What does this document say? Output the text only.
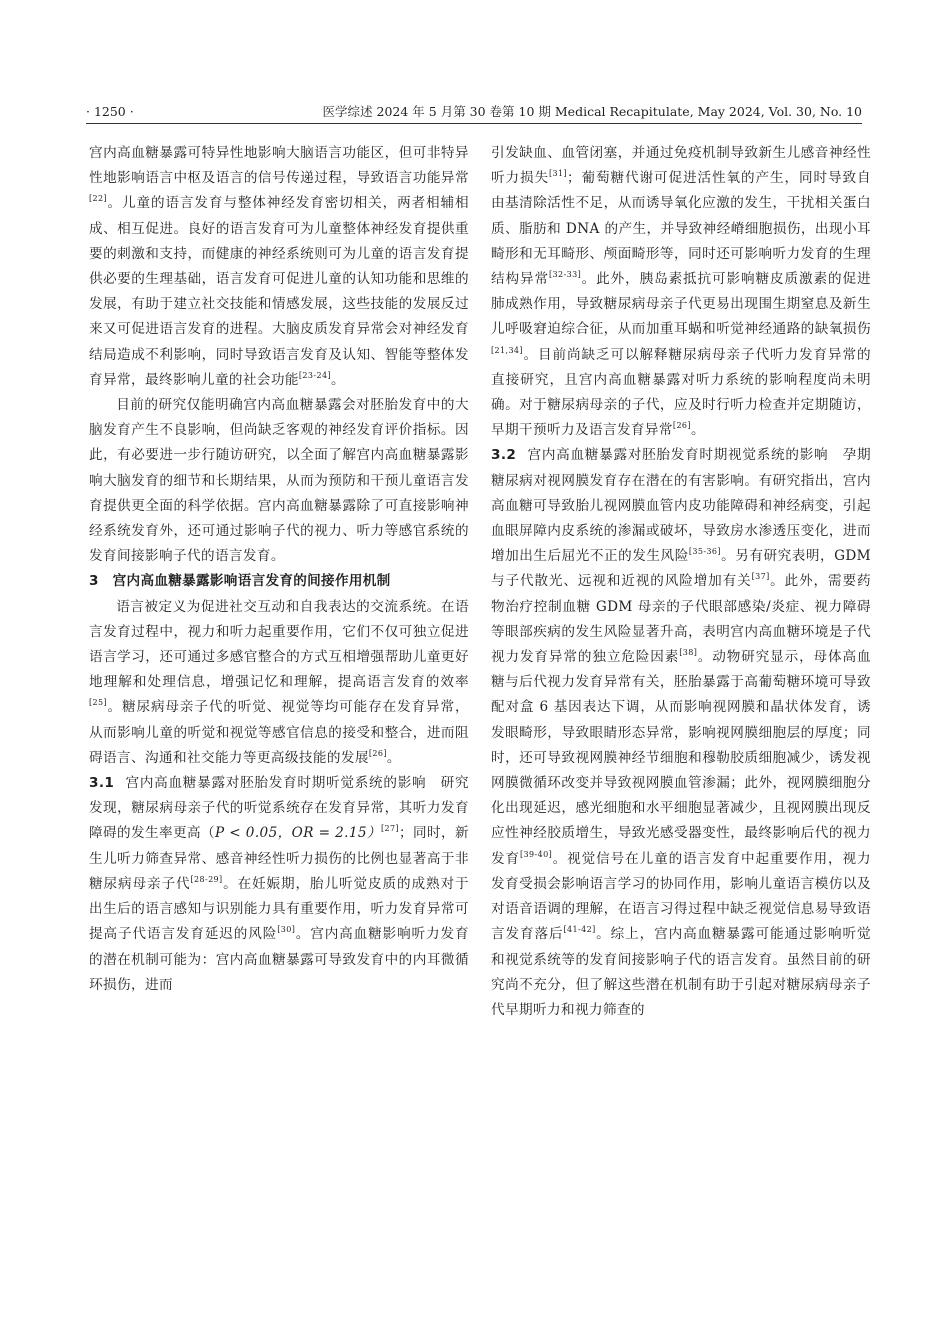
· 1250 ·	医学综述 2024 年 5 月第 30 卷第 10 期 Medical Recapitulate, May 2024, Vol. 30, No. 10

宫内高血糖暴露可特异性地影响大脑语言功能区，但可非特异性地影响语言中枢及语言的信号传递过程，导致语言功能异常[22]。儿童的语言发育与整体神经发育密切相关，两者相辅相成、相互促进。良好的语言发育可为儿童整体神经发育提供重要的刺激和支持，而健康的神经系统则可为儿童的语言发育提供必要的生理基础，语言发育可促进儿童的认知功能和思维的发展，有助于建立社交技能和情感发展，这些技能的发展反过来又可促进语言发育的进程。大脑皮质发育异常会对神经发育结局造成不利影响，同时导致语言发育及认知、智能等整体发育异常，最终影响儿童的社会功能[23-24]。

目前的研究仅能明确宫内高血糖暴露会对胚胎发育中的大脑发育产生不良影响，但尚缺乏客观的神经发育评价指标。因此，有必要进一步行随访研究，以全面了解宫内高血糖暴露影响大脑发育的细节和长期结果，从而为预防和干预儿童语言发育提供更全面的科学依据。宫内高血糖暴露除了可直接影响神经系统发育外，还可通过影响子代的视力、听力等感官系统的发育间接影响子代的语言发育。

3　宫内高血糖暴露影响语言发育的间接作用机制

语言被定义为促进社交互动和自我表达的交流系统。在语言发育过程中，视力和听力起重要作用，它们不仅可独立促进语言学习，还可通过多感官整合的方式互相增强帮助儿童更好地理解和处理信息，增强记忆和理解，提高语言发育的效率[25]。糖尿病母亲子代的听觉、视觉等均可能存在发育异常，从而影响儿童的听觉和视觉等感官信息的接受和整合，进而阻碍语言、沟通和社交能力等更高级技能的发展[26]。

3.1 宫内高血糖暴露对胚胎发育时期听觉系统的影响　研究发现，糖尿病母亲子代的听觉系统存在发育异常，其听力发育障碍的发生率更高（P < 0.05，OR = 2.15）[27]；同时，新生儿听力筛查异常、感音神经性听力损伤的比例也显著高于非糖尿病母亲子代[28-29]。在妊娠期，胎儿听觉皮质的成熟对于出生后的语言感知与识别能力具有重要作用，听力发育异常可提高子代语言发育延迟的风险[30]。宫内高血糖影响听力发育的潜在机制可能为：宫内高血糖暴露可导致发育中的内耳微循环损伤，进而

引发缺血、血管闭塞，并通过免疫机制导致新生儿感音神经性听力损失[31]；葡萄糖代谢可促进活性氧的产生，同时导致自由基清除活性不足，从而诱导氧化应激的发生，干扰相关蛋白质、脂肪和 DNA 的产生，并导致神经嵴细胞损伤，出现小耳畸形和无耳畸形、颅面畸形等，同时还可影响听力发育的生理结构异常[32-33]。此外，胰岛素抵抗可影响糖皮质激素的促进肺成熟作用，导致糖尿病母亲子代更易出现围生期窒息及新生儿呼吸窘迫综合征，从而加重耳蜗和听觉神经通路的缺氧损伤[21,34]。目前尚缺乏可以解释糖尿病母亲子代听力发育异常的直接研究，且宫内高血糖暴露对听力系统的影响程度尚未明确。对于糖尿病母亲的子代，应及时行听力检查并定期随访，早期干预听力及语言发育异常[26]。

3.2 宫内高血糖暴露对胚胎发育时期视觉系统的影响　孕期糖尿病对视网膜发育存在潜在的有害影响。有研究指出，宫内高血糖可导致胎儿视网膜血管内皮功能障碍和神经病变，引起血眼屏障内皮系统的渗漏或破坏，导致房水渗透压变化，进而增加出生后屈光不正的发生风险[35-36]。另有研究表明，GDM 与子代散光、远视和近视的风险增加有关[37]。此外，需要药物治疗控制血糖 GDM 母亲的子代眼部感染/炎症、视力障碍等眼部疾病的发生风险显著升高，表明宫内高血糖环境是子代视力发育异常的独立危险因素[38]。动物研究显示，母体高血糖与后代视力发育异常有关，胚胎暴露于高葡萄糖环境可导致配对盒 6 基因表达下调，从而影响视网膜和晶状体发育，诱发眼畸形，导致眼睛形态异常，影响视网膜细胞层的厚度；同时，还可导致视网膜神经节细胞和穆勒胶质细胞减少，诱发视网膜微循环改变并导致视网膜血管渗漏；此外，视网膜细胞分化出现延迟，感光细胞和水平细胞显著减少，且视网膜出现反应性神经胶质增生，导致光感受器变性，最终影响后代的视力发育[39-40]。视觉信号在儿童的语言发育中起重要作用，视力发育受损会影响语言学习的协同作用，影响儿童语言模仿以及对语音语调的理解，在语言习得过程中缺乏视觉信息易导致语言发育落后[41-42]。综上，宫内高血糖暴露可能通过影响听觉和视觉系统等的发育间接影响子代的语言发育。虽然目前的研究尚不充分，但了解这些潜在机制有助于引起对糖尿病母亲子代早期听力和视力筛查的
